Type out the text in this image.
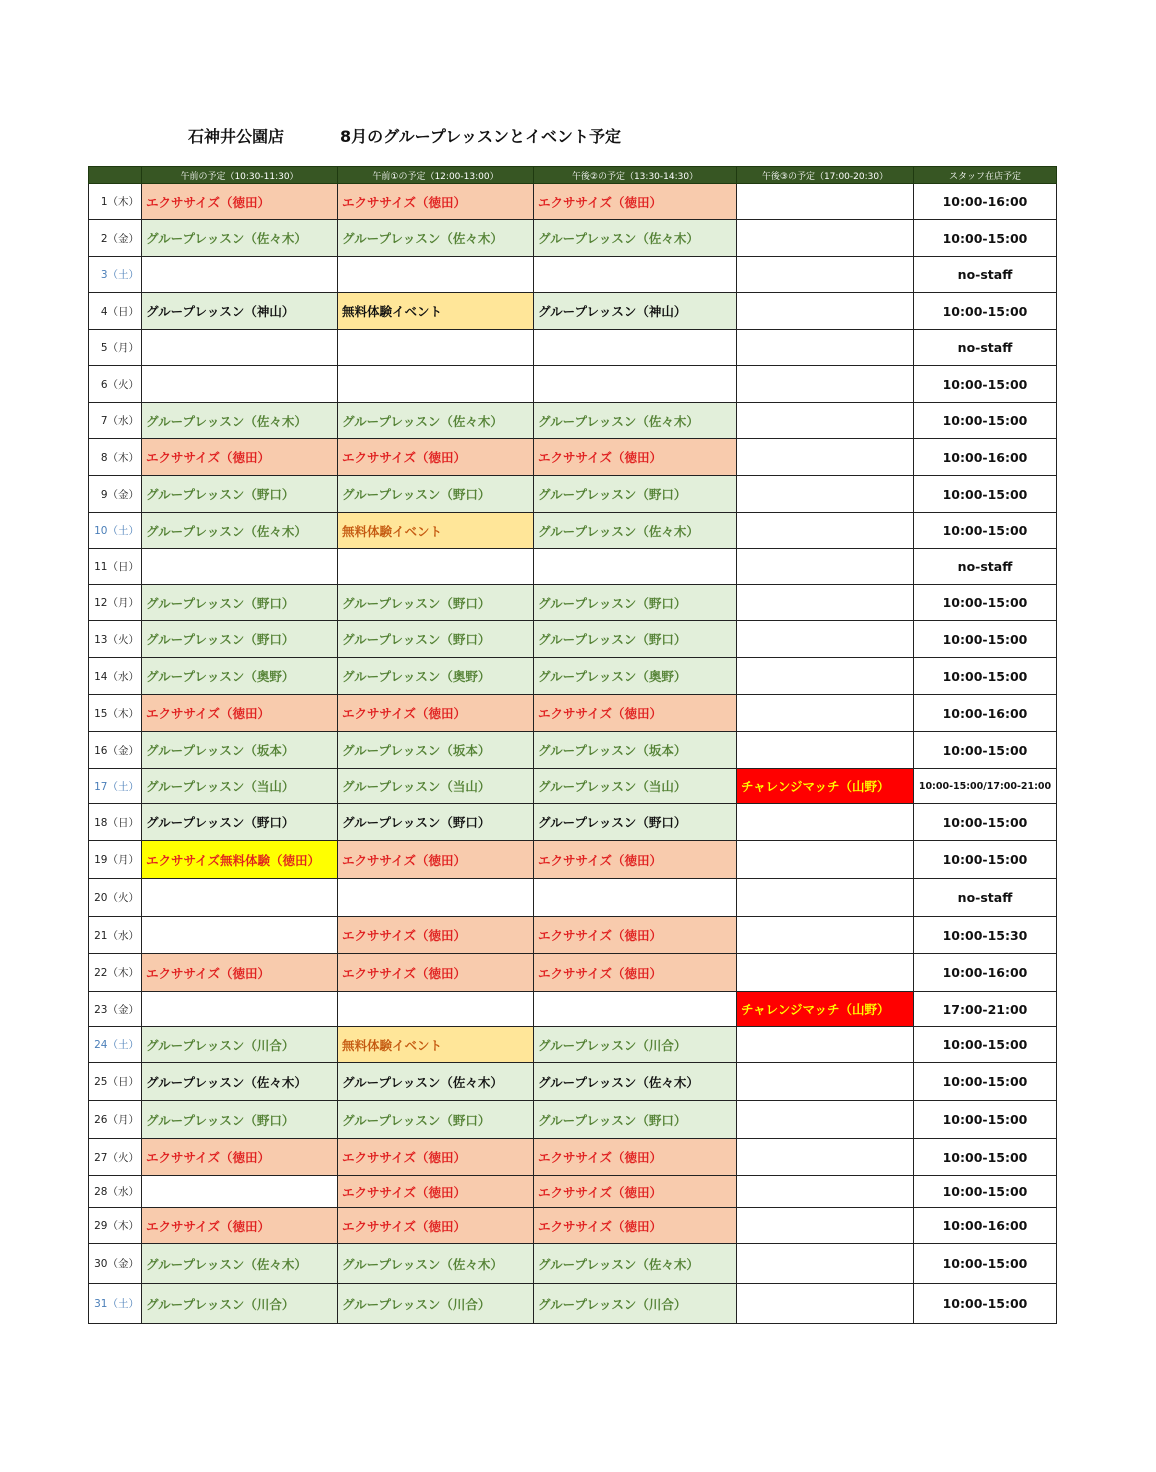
石神井公園店	8月のグループレッスンとイベント予定
	午前の予定（10:30-11:30）	午前①の予定（12:00-13:00）	午後②の予定（13:30-14:30）	午後③の予定（17:00-20:30）	スタッフ在店予定
1（木）	エクササイズ（徳田）	エクササイズ（徳田）	エクササイズ（徳田）		10:00-16:00
2（金）	グループレッスン（佐々木）	グループレッスン（佐々木）	グループレッスン（佐々木）		10:00-15:00
3（土）					no-staff
4（日）	グループレッスン（神山）	無料体験イベント	グループレッスン（神山）		10:00-15:00
5（月）					no-staff
6（火）					10:00-15:00
7（水）	グループレッスン（佐々木）	グループレッスン（佐々木）	グループレッスン（佐々木）		10:00-15:00
8（木）	エクササイズ（徳田）	エクササイズ（徳田）	エクササイズ（徳田）		10:00-16:00
9（金）	グループレッスン（野口）	グループレッスン（野口）	グループレッスン（野口）		10:00-15:00
10（土）	グループレッスン（佐々木）	無料体験イベント	グループレッスン（佐々木）		10:00-15:00
11（日）					no-staff
12（月）	グループレッスン（野口）	グループレッスン（野口）	グループレッスン（野口）		10:00-15:00
13（火）	グループレッスン（野口）	グループレッスン（野口）	グループレッスン（野口）		10:00-15:00
14（水）	グループレッスン（奥野）	グループレッスン（奥野）	グループレッスン（奥野）		10:00-15:00
15（木）	エクササイズ（徳田）	エクササイズ（徳田）	エクササイズ（徳田）		10:00-16:00
16（金）	グループレッスン（坂本）	グループレッスン（坂本）	グループレッスン（坂本）		10:00-15:00
17（土）	グループレッスン（当山）	グループレッスン（当山）	グループレッスン（当山）	チャレンジマッチ（山野）	10:00-15:00/17:00-21:00
18（日）	グループレッスン（野口）	グループレッスン（野口）	グループレッスン（野口）		10:00-15:00
19（月）	エクササイズ無料体験（徳田）	エクササイズ（徳田）	エクササイズ（徳田）		10:00-15:00
20（火）					no-staff
21（水）		エクササイズ（徳田）	エクササイズ（徳田）		10:00-15:30
22（木）	エクササイズ（徳田）	エクササイズ（徳田）	エクササイズ（徳田）		10:00-16:00
23（金）				チャレンジマッチ（山野）	17:00-21:00
24（土）	グループレッスン（川合）	無料体験イベント	グループレッスン（川合）		10:00-15:00
25（日）	グループレッスン（佐々木）	グループレッスン（佐々木）	グループレッスン（佐々木）		10:00-15:00
26（月）	グループレッスン（野口）	グループレッスン（野口）	グループレッスン（野口）		10:00-15:00
27（火）	エクササイズ（徳田）	エクササイズ（徳田）	エクササイズ（徳田）		10:00-15:00
28（水）		エクササイズ（徳田）	エクササイズ（徳田）		10:00-15:00
29（木）	エクササイズ（徳田）	エクササイズ（徳田）	エクササイズ（徳田）		10:00-16:00
30（金）	グループレッスン（佐々木）	グループレッスン（佐々木）	グループレッスン（佐々木）		10:00-15:00
31（土）	グループレッスン（川合）	グループレッスン（川合）	グループレッスン（川合）		10:00-15:00
